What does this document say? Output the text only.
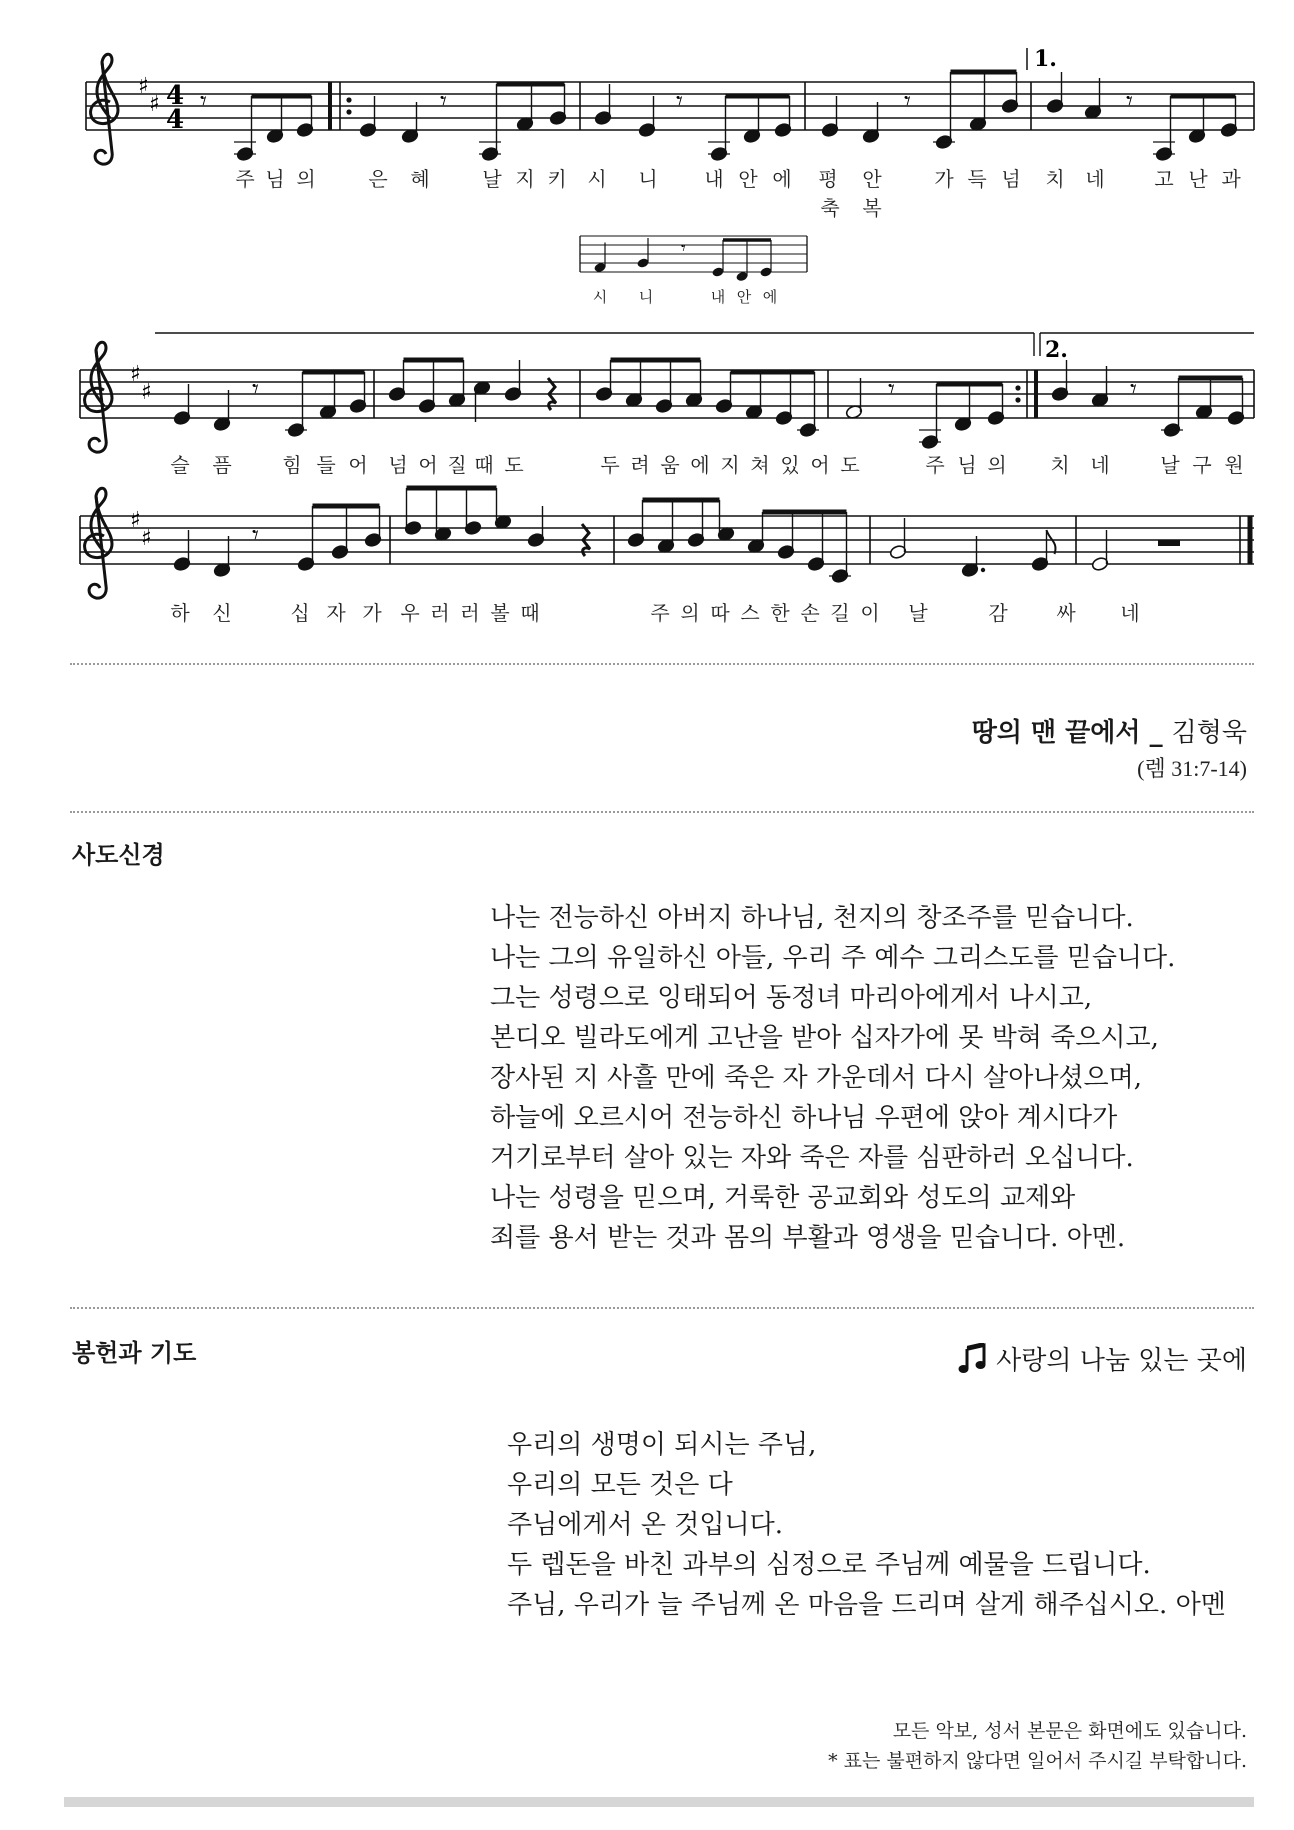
♯
♯ 4
4
♯
♯
♯
♯
𝄾	𝄾	𝄾	𝄾	𝄾
𝄾
𝄾	𝄾	𝄾
𝄾
주 님 의	은 혜	날 지 키 시 니 내 안 에 평 안	가 득 넘 치 네 고 난 과
축 복
시 니	내 안 에
슬 픔	힘 들 어 넘 어 질 때 도	두 려 움 에 지 쳐 있 어 도	주 님 의 치 네	날 구 원
하 신	십 자 가 우 러 러 볼 때	주 의 따 스 한 손 길 이 날	감 싸 네
1.
2.
땅의 맨 끝에서 _ 김형욱
(렘 31:7-14)
사도신경
나는 전능하신 아버지 하나님, 천지의 창조주를 믿습니다.
나는 그의 유일하신 아들, 우리 주 예수 그리스도를 믿습니다.
그는 성령으로 잉태되어 동정녀 마리아에게서 나시고,
본디오 빌라도에게 고난을 받아 십자가에 못 박혀 죽으시고,
장사된 지 사흘 만에 죽은 자 가운데서 다시 살아나셨으며,
하늘에 오르시어 전능하신 하나님 우편에 앉아 계시다가
거기로부터 살아 있는 자와 죽은 자를 심판하러 오십니다.
나는 성령을 믿으며, 거룩한 공교회와 성도의 교제와
죄를 용서 받는 것과 몸의 부활과 영생을 믿습니다. 아멘.
봉헌과 기도	사랑의 나눔 있는 곳에
우리의 생명이 되시는 주님,
우리의 모든 것은 다
주님에게서 온 것입니다.
두 렙돈을 바친 과부의 심정으로 주님께 예물을 드립니다.
주님, 우리가 늘 주님께 온 마음을 드리며 살게 해주십시오. 아멘
모든 악보, 성서 본문은 화면에도 있습니다.
* 표는 불편하지 않다면 일어서 주시길 부탁합니다.
